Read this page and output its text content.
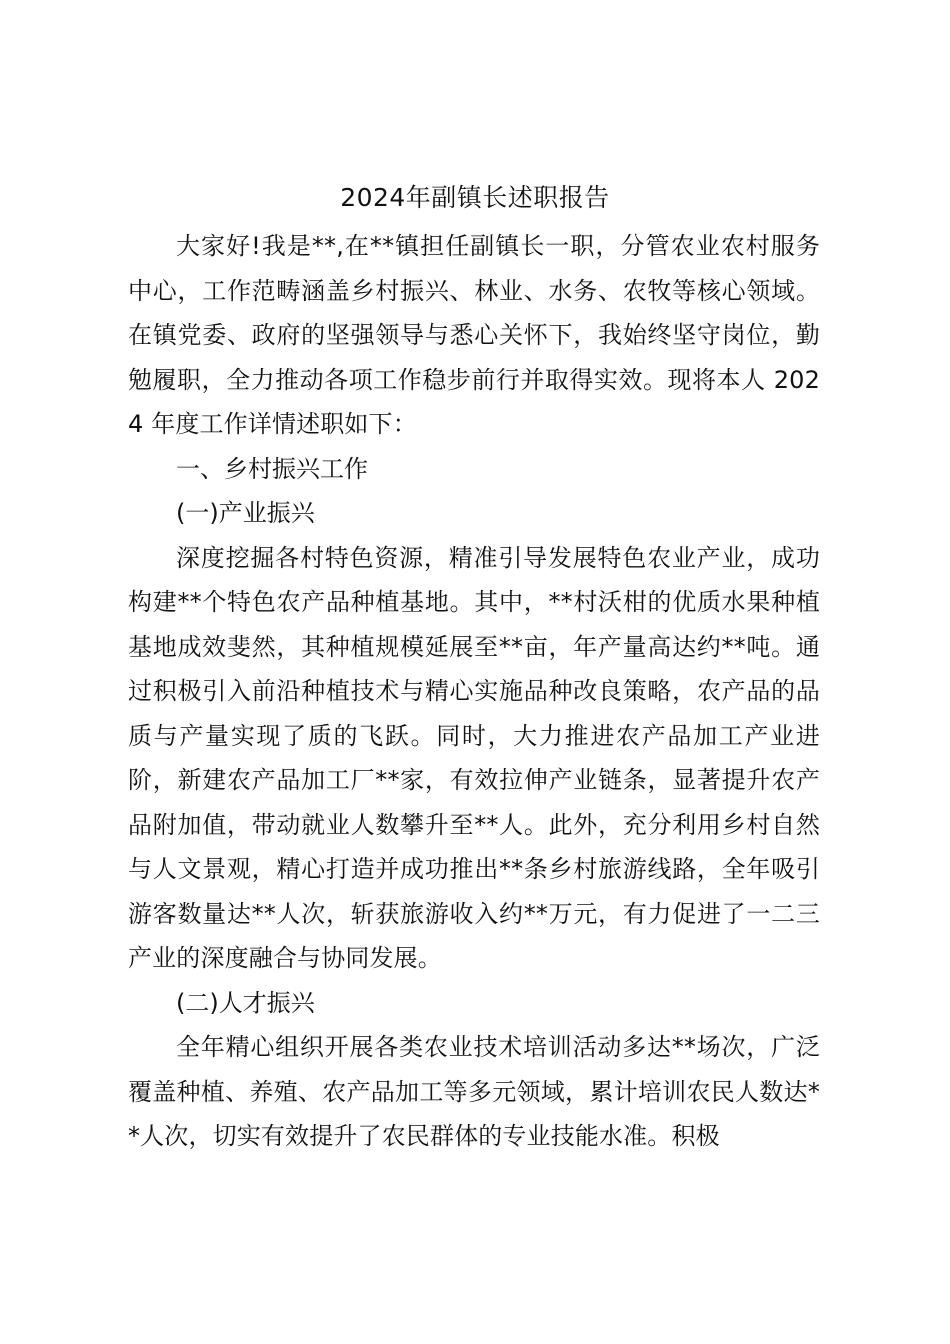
2024年副镇长述职报告

大家好!我是**,在**镇担任副镇长一职，分管农业农村服务中心，工作范畴涵盖乡村振兴、林业、水务、农牧等核心领域。在镇党委、政府的坚强领导与悉心关怀下，我始终坚守岗位，勤勉履职，全力推动各项工作稳步前行并取得实效。现将本人 2024 年度工作详情述职如下：

一、乡村振兴工作

(一)产业振兴

深度挖掘各村特色资源，精准引导发展特色农业产业，成功构建**个特色农产品种植基地。其中，**村沃柑的优质水果种植基地成效斐然，其种植规模延展至**亩，年产量高达约**吨。通过积极引入前沿种植技术与精心实施品种改良策略，农产品的品质与产量实现了质的飞跃。同时，大力推进农产品加工产业进阶，新建农产品加工厂**家，有效拉伸产业链条，显著提升农产品附加值，带动就业人数攀升至**人。此外，充分利用乡村自然与人文景观，精心打造并成功推出**条乡村旅游线路，全年吸引游客数量达**人次，斩获旅游收入约**万元，有力促进了一二三产业的深度融合与协同发展。

(二)人才振兴

全年精心组织开展各类农业技术培训活动多达**场次，广泛覆盖种植、养殖、农产品加工等多元领域，累计培训农民人数达**人次，切实有效提升了农民群体的专业技能水准。积极
